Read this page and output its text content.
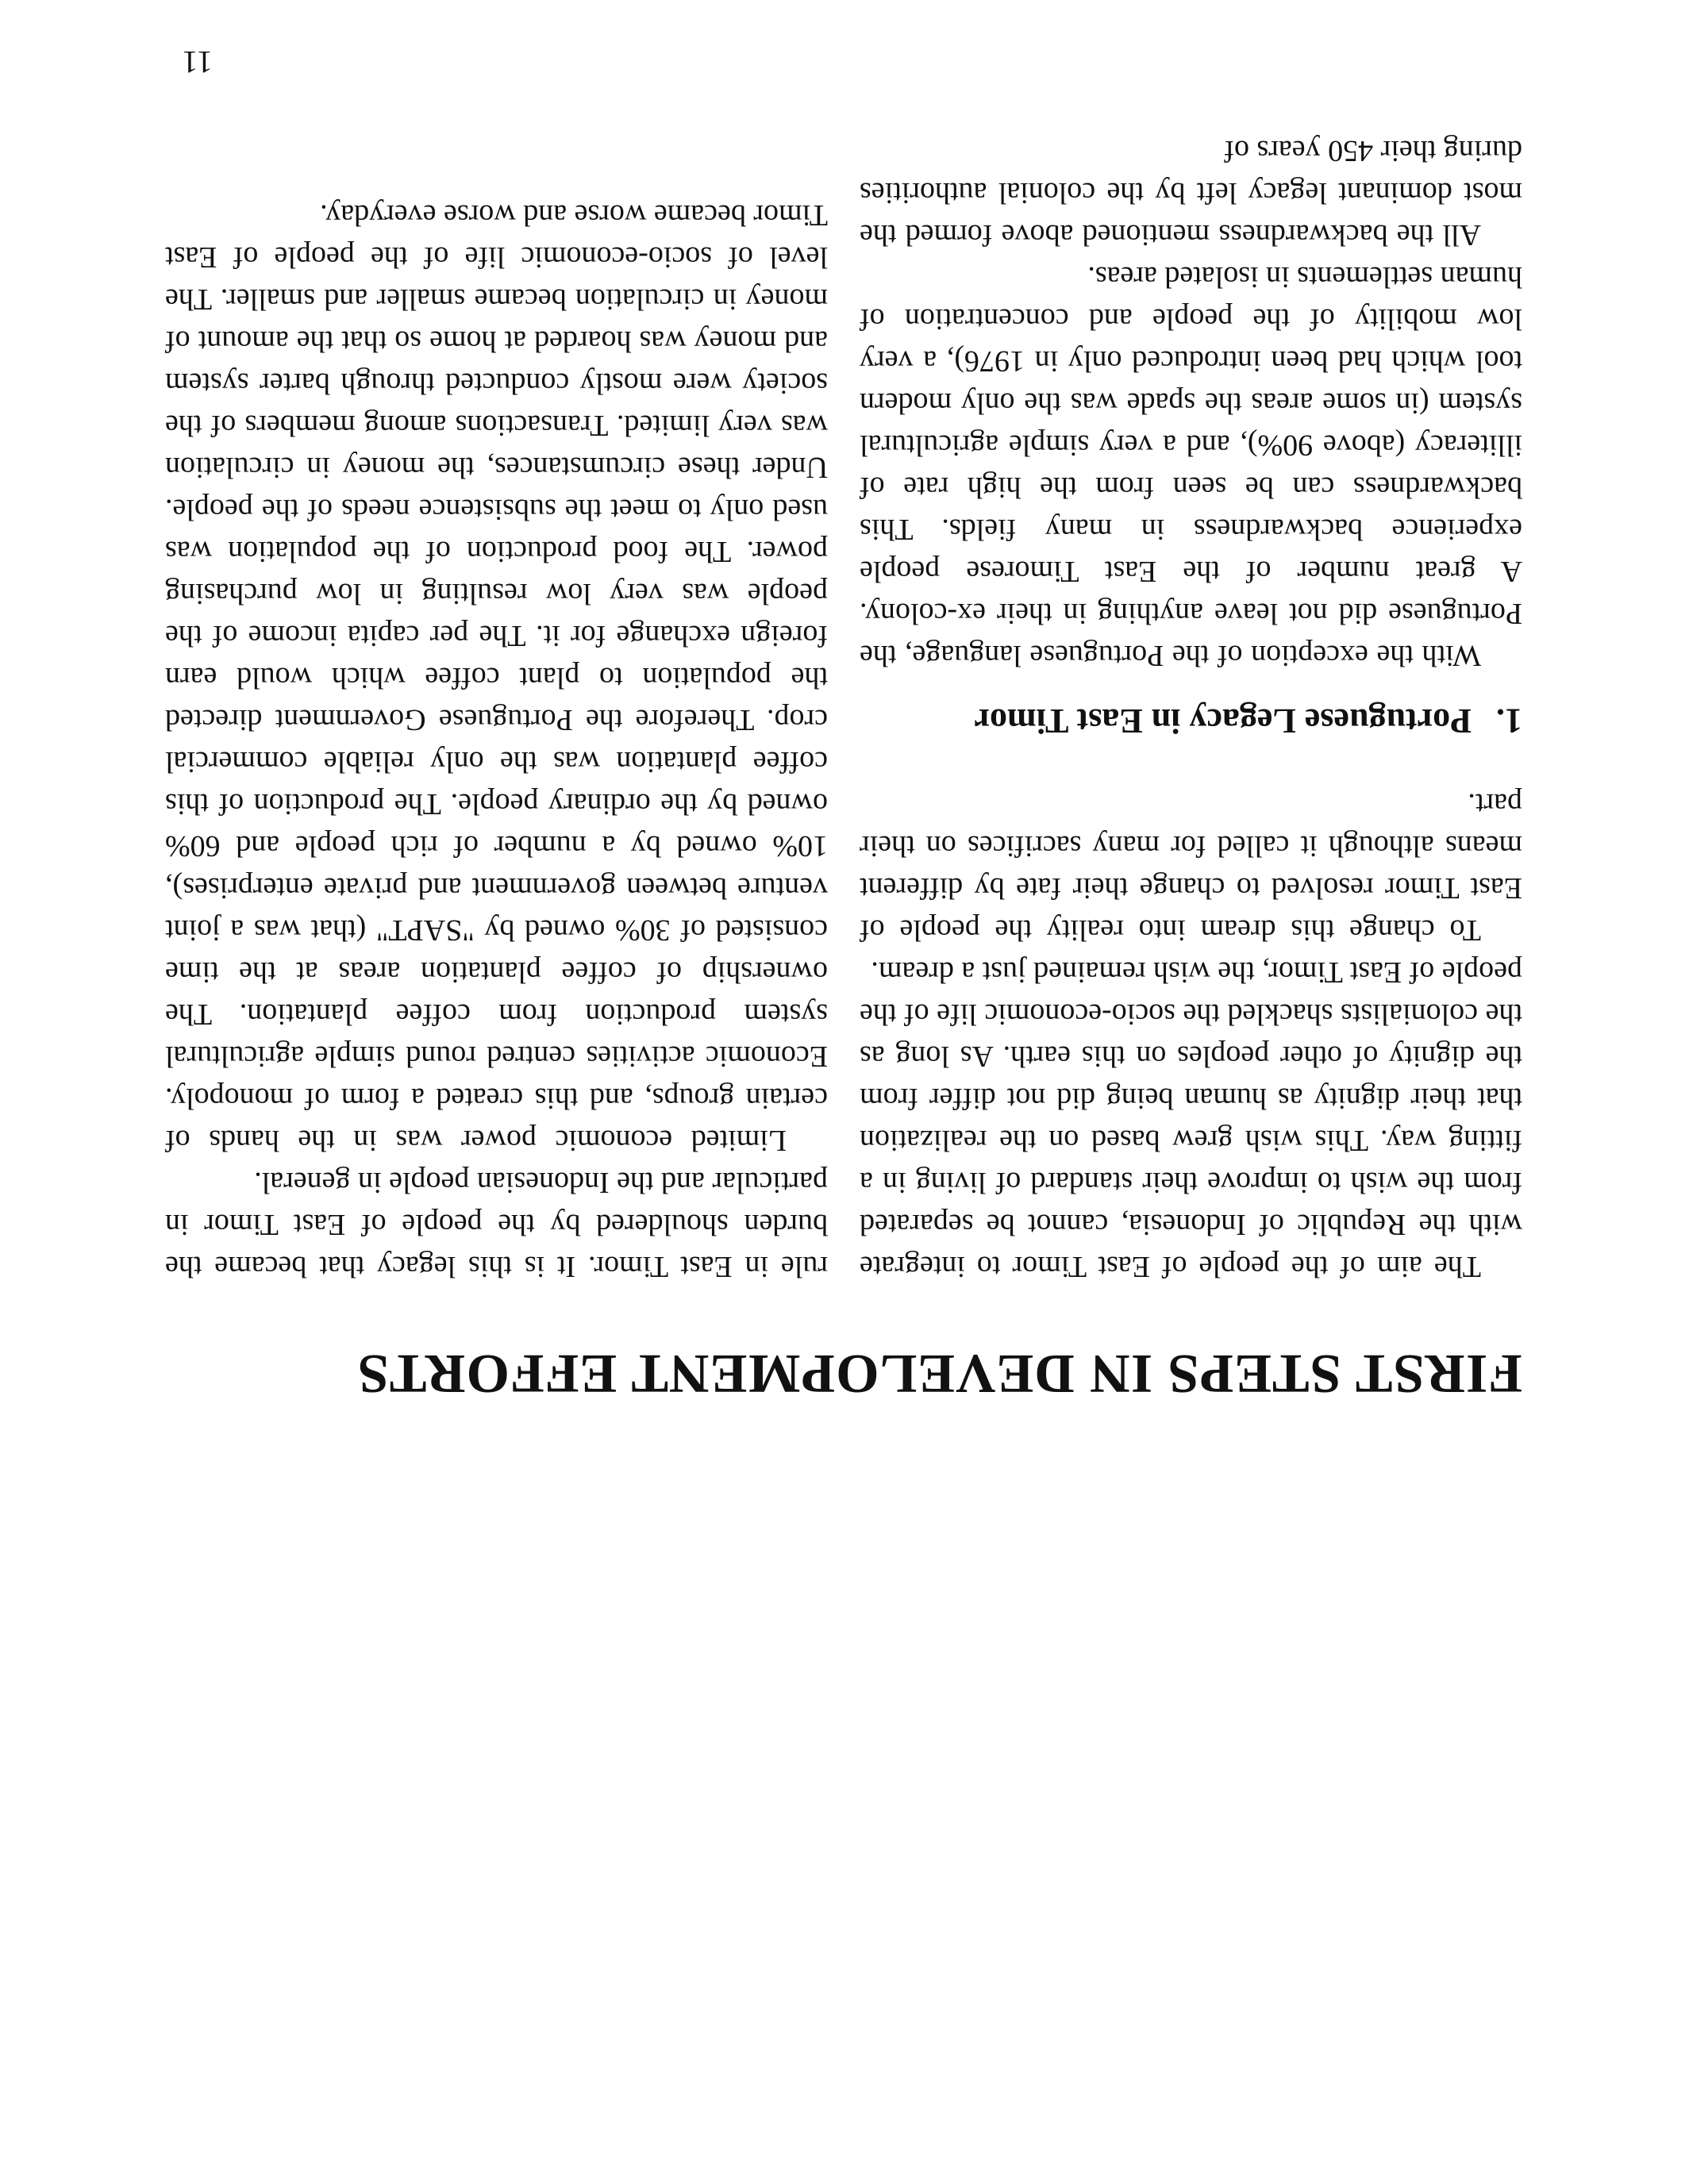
FIRST STEPS IN DEVELOPMENT EFFORTS

The aim of the people of East Timor to integrate with the Republic of Indonesia, cannot be separated from the wish to improve their standard of living in a fitting way. This wish grew based on the realization that their dignity as human being did not differ from the dignity of other peoples on this earth. As long as the colonialists shackled the socio-economic life of the people of East Timor, the wish remained just a dream.

To change this dream into reality the people of East Timor resolved to change their fate by different means although it called for many sacrifices on their part.

1.Portuguese Legacy in East Timor

With the exception of the Portuguese language, the Portuguese did not leave anything in their ex-colony. A great number of the East Timorese people experience backwardness in many fields. This backwardness can be seen from the high rate of illiteracy (above 90%), and a very simple agricultural system (in some areas the spade was the only modern tool which had been introduced only in 1976), a very low mobility of the people and concentration of human settlements in isolated areas.

All the backwardness mentioned above formed the most dominant legacy left by the colonial authorities during their 450 years of

rule in East Timor. It is this legacy that became the burden shouldered by the people of East Timor in particular and the Indonesian people in general.

Limited economic power was in the hands of certain groups, and this created a form of monopoly. Economic activities centred round simple agricultural system production from coffee plantation. The ownership of coffee plantation areas at the time consisted of 30% owned by "SAPT" (that was a joint venture between government and private enterprises), 10% owned by a number of rich people and 60% owned by the ordinary people. The production of this coffee plantation was the only reliable commercial crop. Therefore the Portuguese Government directed the population to plant coffee which would earn foreign exchange for it. The per capita income of the people was very low resulting in low purchasing power. The food production of the population was used only to meet the subsistence needs of the people. Under these circumstances, the money in circulation was very limited. Transactions among members of the society were mostly conducted through barter system and money was hoarded at home so that the amount of money in circulation became smaller and smaller. The level of socio-economic life of the people of East Timor became worse and worse everyday.

11
